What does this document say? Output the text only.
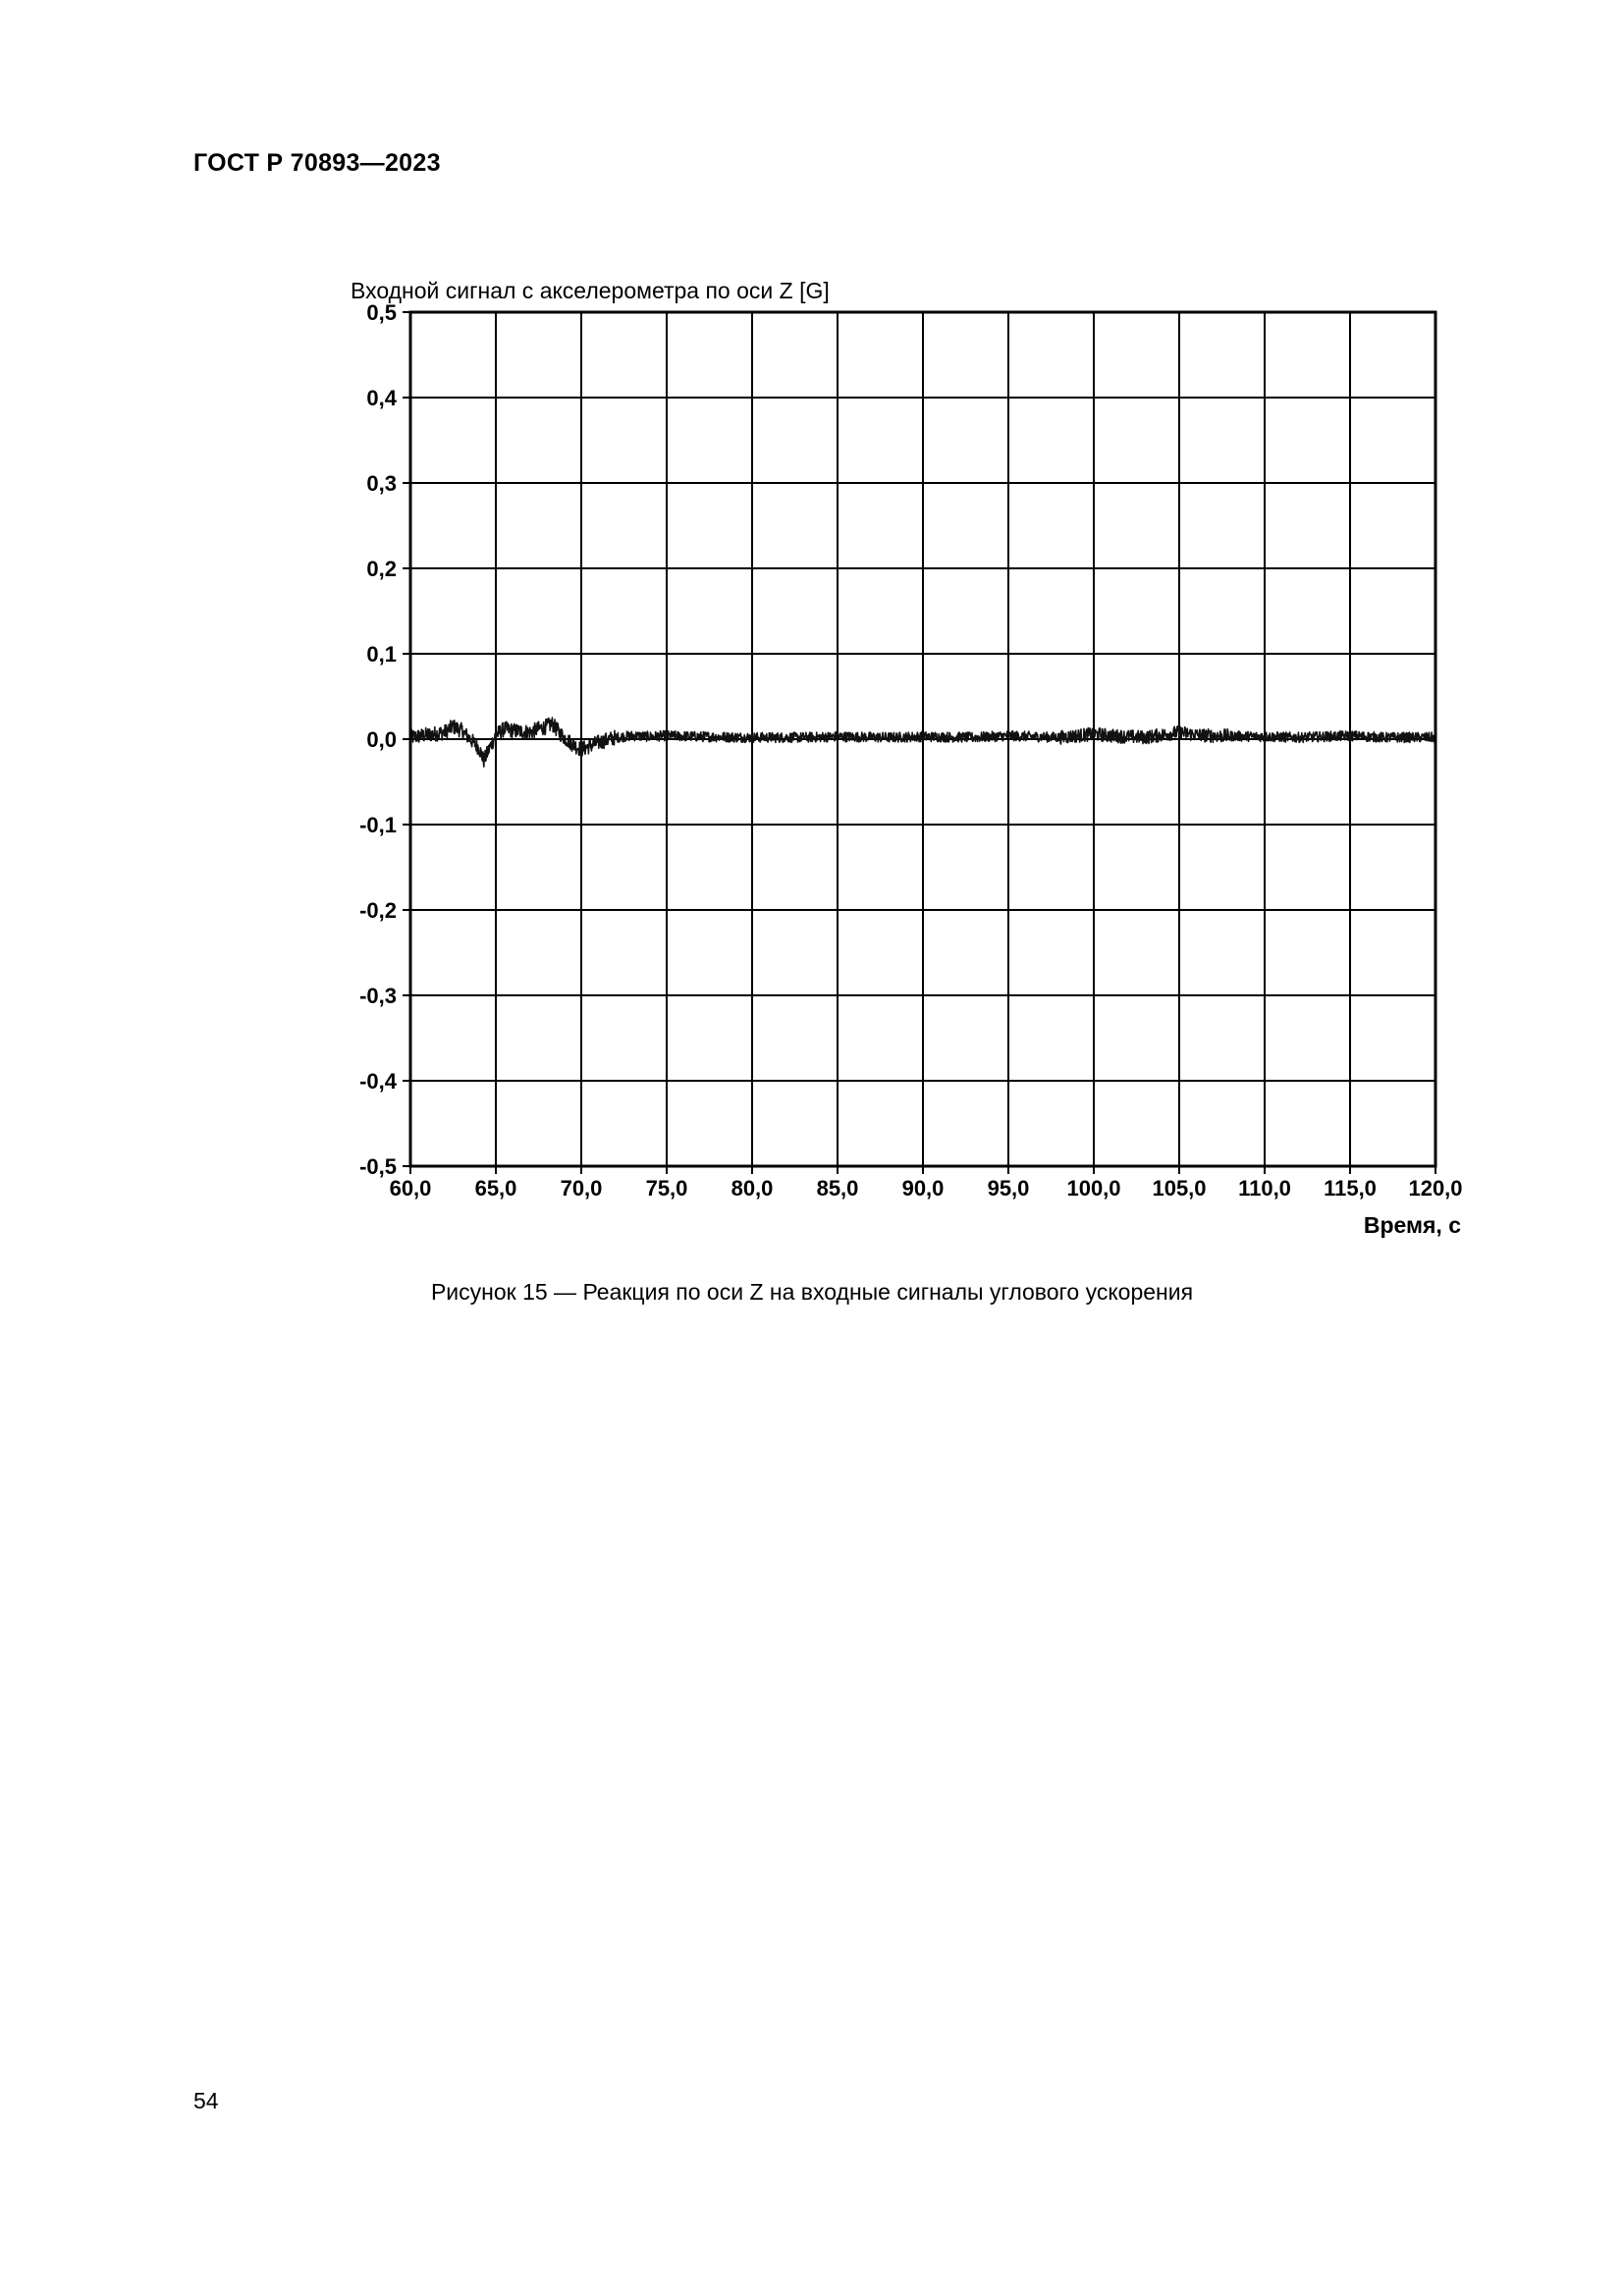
ГОСТ Р 70893—2023
Входной сигнал с акселерометра по оси Z [G]
0,5
0,4
0,3
0,2
0,1
0,0
-0,1
-0,2
-0,3
-0,4
-0,5
60,0 65,0 70,0 75,0 80,0 85,0 90,0 95,0 100,0 105,0 110,0 115,0 120,0
Время, с
Рисунок 15 — Реакция по оси Z на входные сигналы углового ускорения
54
